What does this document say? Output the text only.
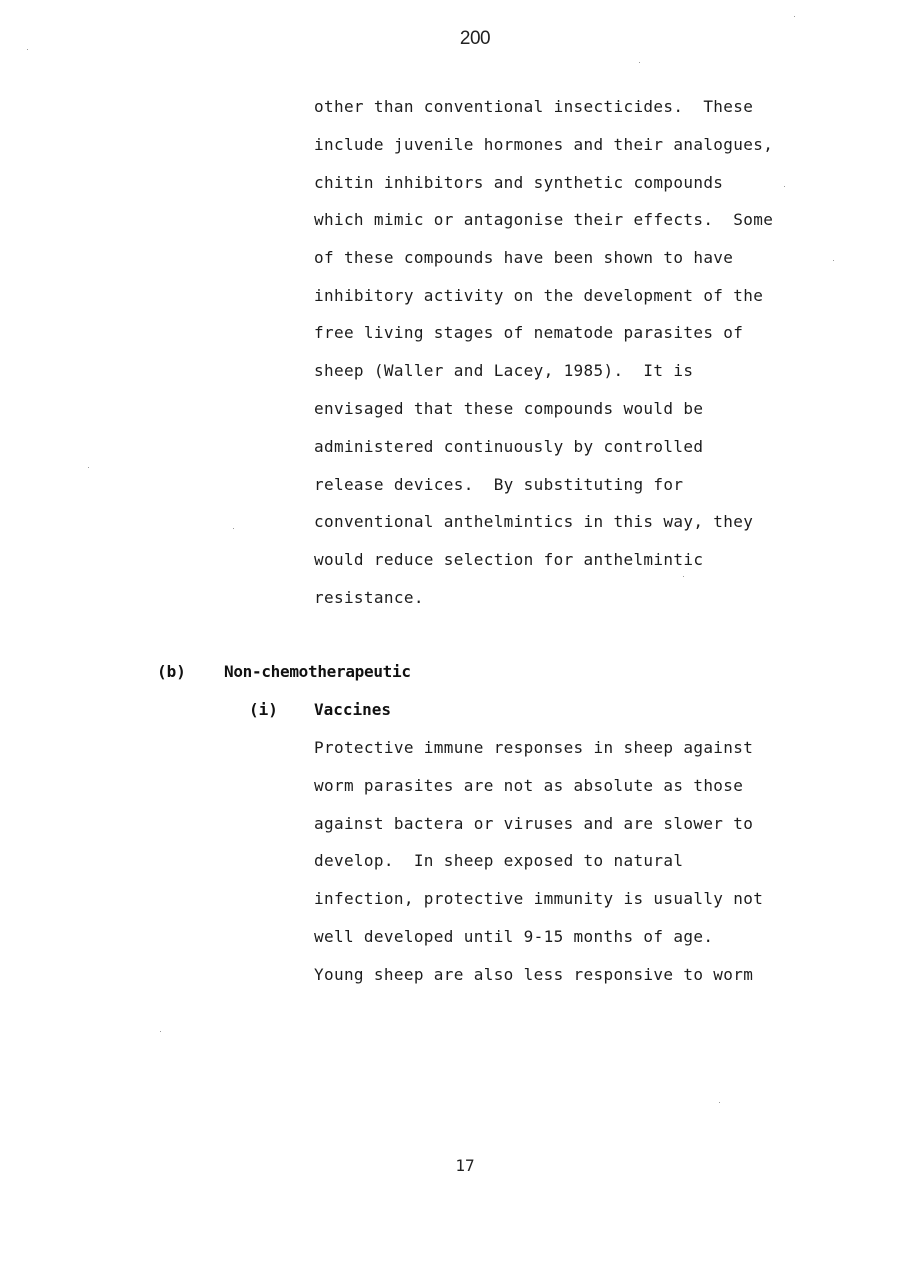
200
other than conventional insecticides.  These
include juvenile hormones and their analogues,
chitin inhibitors and synthetic compounds
which mimic or antagonise their effects.  Some
of these compounds have been shown to have
inhibitory activity on the development of the
free living stages of nematode parasites of
sheep (Waller and Lacey, 1985).  It is
envisaged that these compounds would be
administered continuously by controlled
release devices.  By substituting for
conventional anthelmintics in this way, they
would reduce selection for anthelmintic
resistance.
(b) Non-chemotherapeutic
(i) Vaccines
Protective immune responses in sheep against
worm parasites are not as absolute as those
against bactera or viruses and are slower to
develop.  In sheep exposed to natural
infection, protective immunity is usually not
well developed until 9-15 months of age.
Young sheep are also less responsive to worm
17
